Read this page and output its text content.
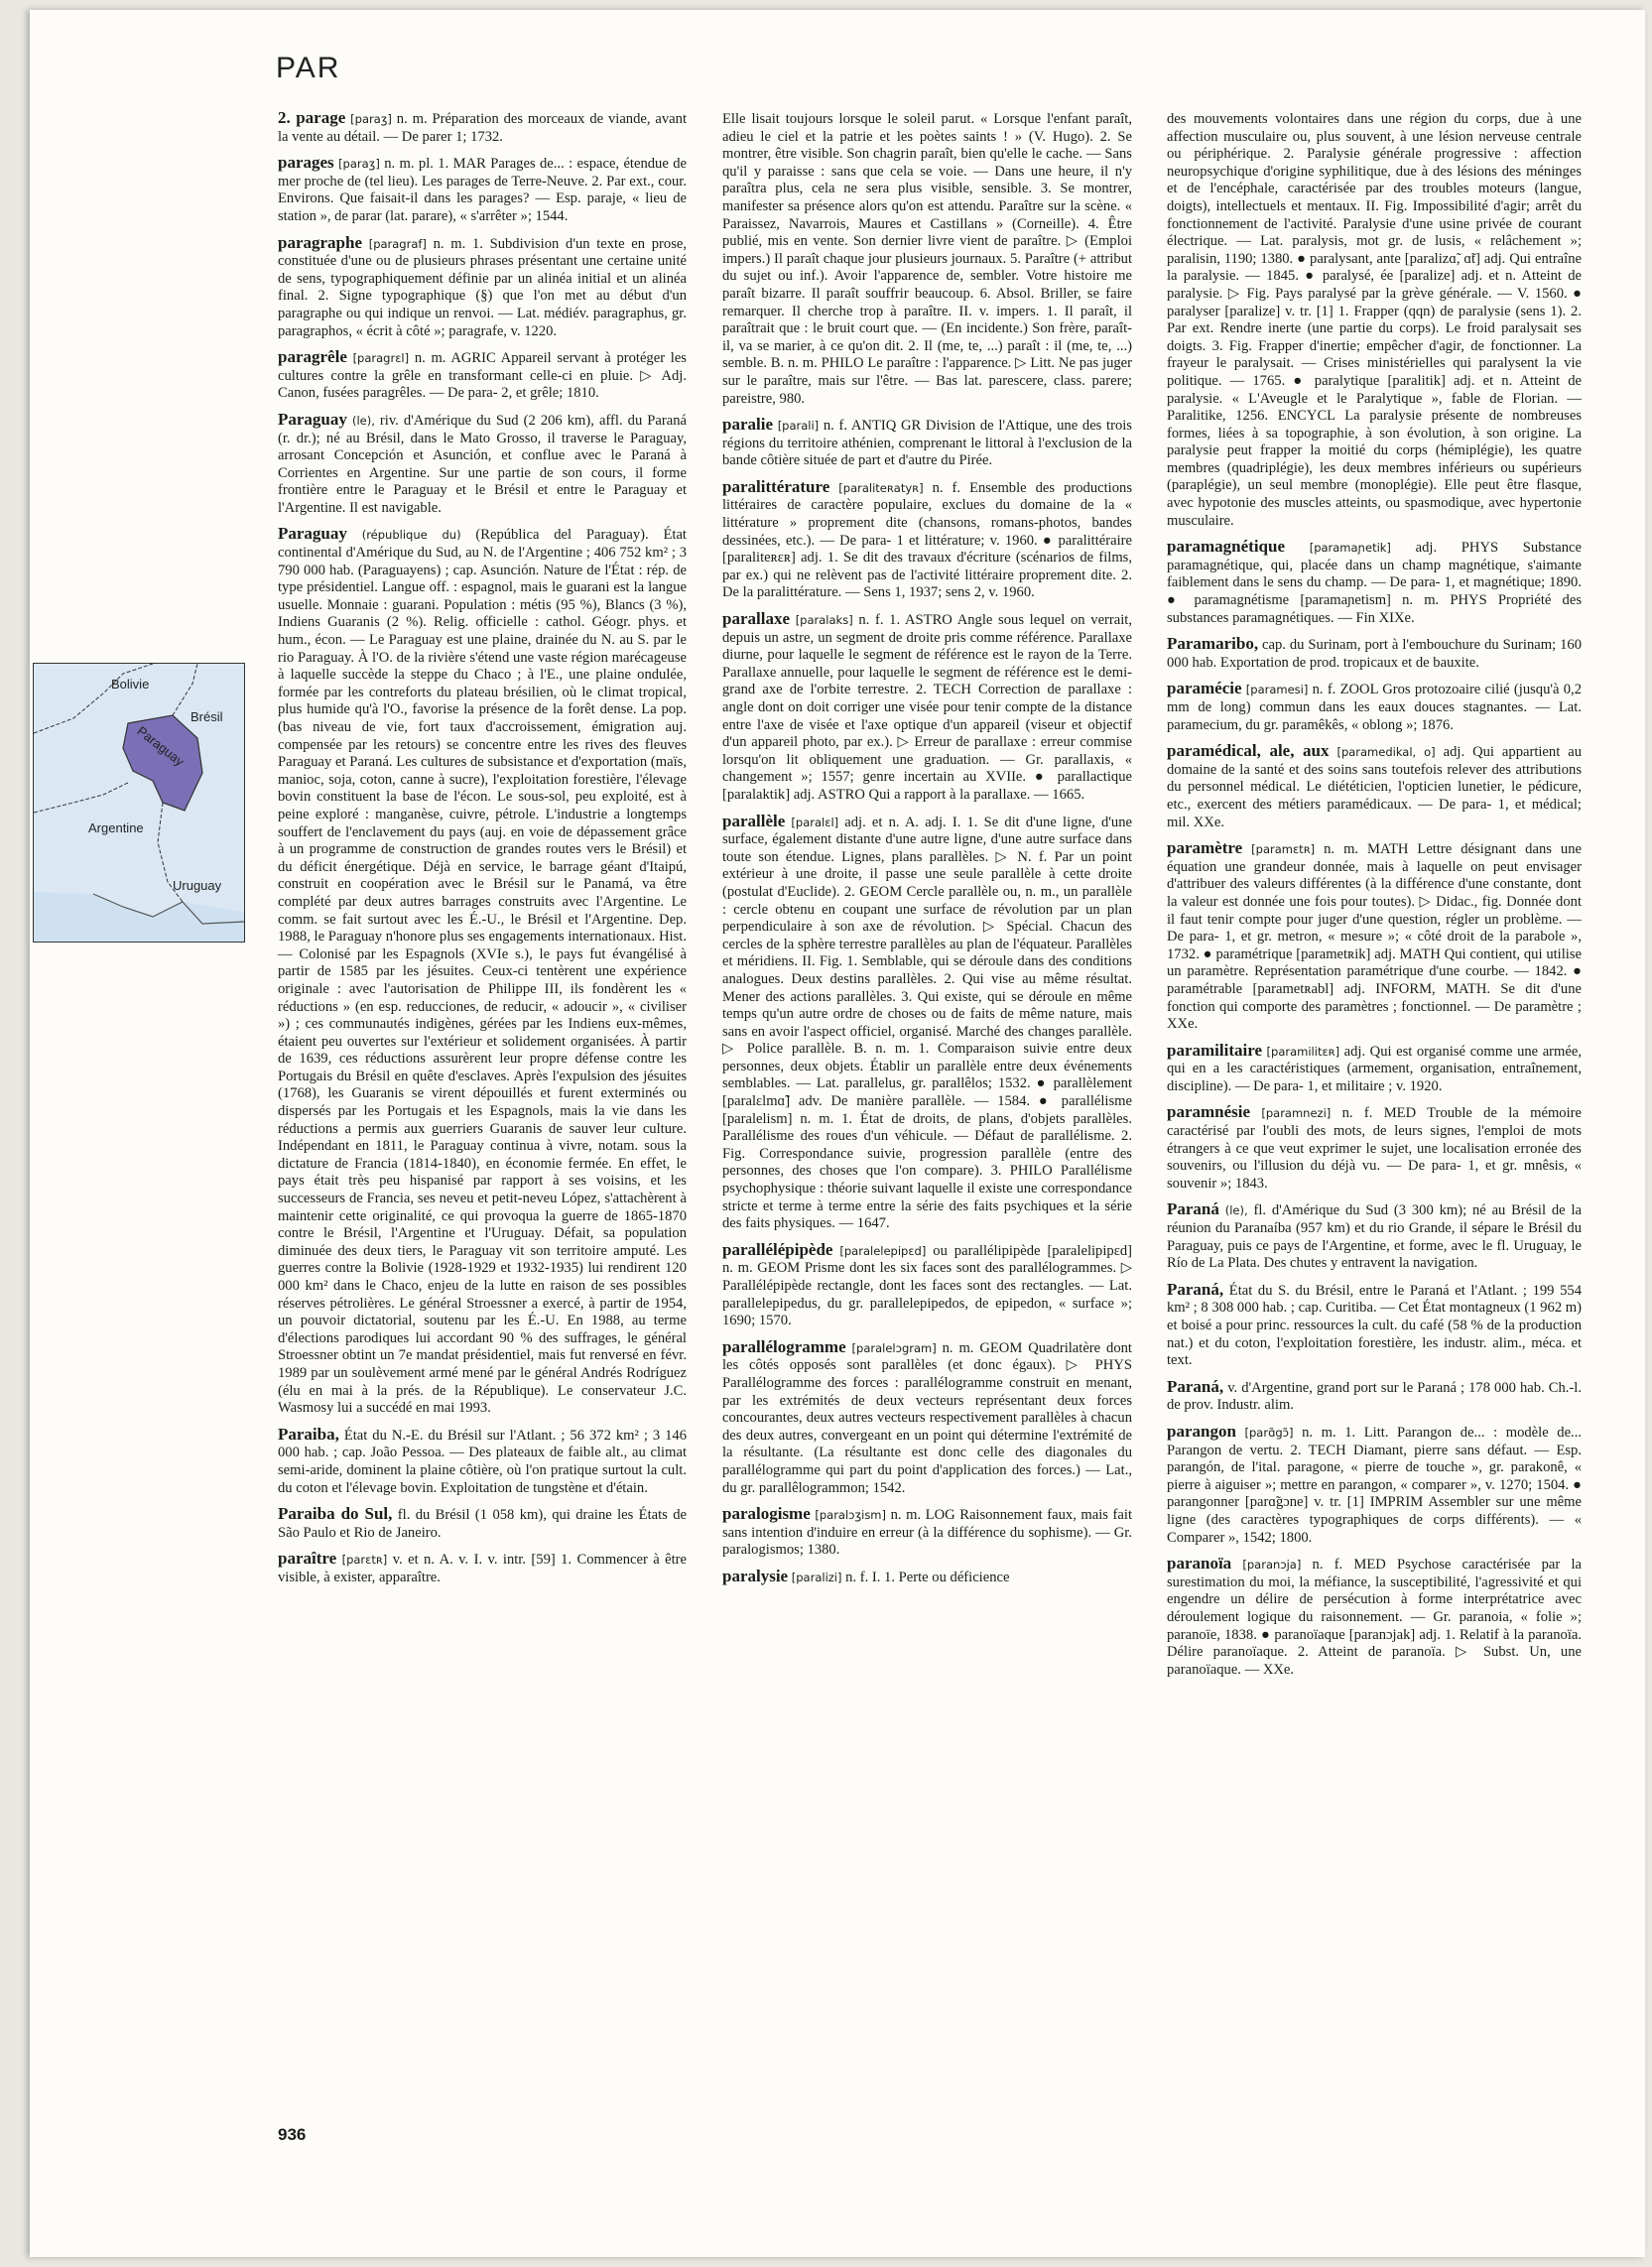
PAR
Bolivie
Brésil
Paraguay
Argentine
Uruguay

2. parage [paraʒ] n. m. Préparation des morceaux de viande, avant la vente au détail. — De parer 1; 1732.

parages [paraʒ] n. m. pl. 1. MAR Parages de... : espace, étendue de mer proche de (tel lieu). Les parages de Terre-Neuve. 2. Par ext., cour. Environs. Que faisait-il dans les parages? — Esp. paraje, « lieu de station », de parar (lat. parare), « s'arrêter »; 1544.

paragraphe [paragraf] n. m. 1. Subdivision d'un texte en prose, constituée d'une ou de plusieurs phrases présentant une certaine unité de sens, typographiquement définie par un alinéa initial et un alinéa final. 2. Signe typographique (§) que l'on met au début d'un paragraphe ou qui indique un renvoi. — Lat. médiév. paragraphus, gr. paragraphos, « écrit à côté »; paragrafe, v. 1220.

paragrêle [paragrɛl] n. m. AGRIC Appareil servant à protéger les cultures contre la grêle en transformant celle-ci en pluie. ▷ Adj. Canon, fusées paragrêles. — De para- 2, et grêle; 1810.

Paraguay (le), riv. d'Amérique du Sud (2 206 km), affl. du Paraná (r. dr.); né au Brésil, dans le Mato Grosso, il traverse le Paraguay, arrosant Concepción et Asunción, et conflue avec le Paraná à Corrientes en Argentine. Sur une partie de son cours, il forme frontière entre le Paraguay et le Brésil et entre le Paraguay et l'Argentine. Il est navigable.

Paraguay (république du) (República del Paraguay). État continental d'Amérique du Sud, au N. de l'Argentine ; 406 752 km² ; 3 790 000 hab. (Paraguayens) ; cap. Asunción. Nature de l'État : rép. de type présidentiel. Langue off. : espagnol, mais le guarani est la langue usuelle. Monnaie : guarani. Population : métis (95 %), Blancs (3 %), Indiens Guaranis (2 %). Relig. officielle : cathol. Géogr. phys. et hum., écon. — Le Paraguay est une plaine, drainée du N. au S. par le rio Paraguay. À l'O. de la rivière s'étend une vaste région marécageuse à laquelle succède la steppe du Chaco ; à l'E., une plaine ondulée, formée par les contreforts du plateau brésilien, où le climat tropical, plus humide qu'à l'O., favorise la présence de la forêt dense. La pop. (bas niveau de vie, fort taux d'accroissement, émigration auj. compensée par les retours) se concentre entre les rives des fleuves Paraguay et Paraná. Les cultures de subsistance et d'exportation (maïs, manioc, soja, coton, canne à sucre), l'exploitation forestière, l'élevage bovin constituent la base de l'écon. Le sous-sol, peu exploité, est à peine exploré : manganèse, cuivre, pétrole. L'industrie a longtemps souffert de l'enclavement du pays (auj. en voie de dépassement grâce à un programme de construction de grandes routes vers le Brésil) et du déficit énergétique. Déjà en service, le barrage géant d'Itaipú, construit en coopération avec le Brésil sur le Panamá, va être complété par deux autres barrages construits avec l'Argentine. Le comm. se fait surtout avec les É.-U., le Brésil et l'Argentine. Dep. 1988, le Paraguay n'honore plus ses engagements internationaux. Hist. — Colonisé par les Espagnols (XVIe s.), le pays fut évangélisé à partir de 1585 par les jésuites. Ceux-ci tentèrent une expérience originale : avec l'autorisation de Philippe III, ils fondèrent les « réductions » (en esp. reducciones, de reducir, « adoucir », « civiliser ») ; ces communautés indigènes, gérées par les Indiens eux-mêmes, étaient peu ouvertes sur l'extérieur et solidement organisées. À partir de 1639, ces réductions assurèrent leur propre défense contre les Portugais du Brésil en quête d'esclaves. Après l'expulsion des jésuites (1768), les Guaranis se virent dépouillés et furent exterminés ou dispersés par les Portugais et les Espagnols, mais la vie dans les réductions a permis aux guerriers Guaranis de sauver leur culture. Indépendant en 1811, le Paraguay continua à vivre, notam. sous la dictature de Francia (1814-1840), en économie fermée. En effet, le pays était très peu hispanisé par rapport à ses voisins, et les successeurs de Francia, ses neveu et petit-neveu López, s'attachèrent à maintenir cette originalité, ce qui provoqua la guerre de 1865-1870 contre le Brésil, l'Argentine et l'Uruguay. Défait, sa population diminuée des deux tiers, le Paraguay vit son territoire amputé. Les guerres contre la Bolivie (1928-1929 et 1932-1935) lui rendirent 120 000 km² dans le Chaco, enjeu de la lutte en raison de ses possibles réserves pétrolières. Le général Stroessner a exercé, à partir de 1954, un pouvoir dictatorial, soutenu par les É.-U. En 1988, au terme d'élections parodiques lui accordant 90 % des suffrages, le général Stroessner obtint un 7e mandat présidentiel, mais fut renversé en févr. 1989 par un soulèvement armé mené par le général Andrés Rodríguez (élu en mai à la prés. de la République). Le conservateur J.C. Wasmosy lui a succédé en mai 1993.

Paraiba, État du N.-E. du Brésil sur l'Atlant. ; 56 372 km² ; 3 146 000 hab. ; cap. João Pessoa. — Des plateaux de faible alt., au climat semi-aride, dominent la plaine côtière, où l'on pratique surtout la cult. du coton et l'élevage bovin. Exploitation de tungstène et d'étain.

Paraiba do Sul, fl. du Brésil (1 058 km), qui draine les États de São Paulo et Rio de Janeiro.

paraître [parɛtʀ] v. et n. A. v. I. v. intr. [59] 1. Commencer à être visible, à exister, apparaître.

Elle lisait toujours lorsque le soleil parut. « Lorsque l'enfant paraît, adieu le ciel et la patrie et les poètes saints ! » (V. Hugo). 2. Se montrer, être visible. Son chagrin paraît, bien qu'elle le cache. — Sans qu'il y paraisse : sans que cela se voie. — Dans une heure, il n'y paraîtra plus, cela ne sera plus visible, sensible. 3. Se montrer, manifester sa présence alors qu'on est attendu. Paraître sur la scène. « Paraissez, Navarrois, Maures et Castillans » (Corneille). 4. Être publié, mis en vente. Son dernier livre vient de paraître. ▷ (Emploi impers.) Il paraît chaque jour plusieurs journaux. 5. Paraître (+ attribut du sujet ou inf.). Avoir l'apparence de, sembler. Votre histoire me paraît bizarre. Il paraît souffrir beaucoup. 6. Absol. Briller, se faire remarquer. Il cherche trop à paraître. II. v. impers. 1. Il paraît, il paraîtrait que : le bruit court que. — (En incidente.) Son frère, paraît-il, va se marier, à ce qu'on dit. 2. Il (me, te, ...) paraît : il (me, te, ...) semble. B. n. m. PHILO Le paraître : l'apparence. ▷ Litt. Ne pas juger sur le paraître, mais sur l'être. — Bas lat. parescere, class. parere; pareistre, 980.

paralie [parali] n. f. ANTIQ GR Division de l'Attique, une des trois régions du territoire athénien, comprenant le littoral à l'exclusion de la bande côtière située de part et d'autre du Pirée.

paralittérature [paraliteʀatyʀ] n. f. Ensemble des productions littéraires de caractère populaire, exclues du domaine de la « littérature » proprement dite (chansons, romans-photos, bandes dessinées, etc.). — De para- 1 et littérature; v. 1960. ● paralittéraire [paraliteʀɛʀ] adj. 1. Se dit des travaux d'écriture (scénarios de films, par ex.) qui ne relèvent pas de l'activité littéraire proprement dite. 2. De la paralittérature. — Sens 1, 1937; sens 2, v. 1960.

parallaxe [paralaks] n. f. 1. ASTRO Angle sous lequel on verrait, depuis un astre, un segment de droite pris comme référence. Parallaxe diurne, pour laquelle le segment de référence est le rayon de la Terre. Parallaxe annuelle, pour laquelle le segment de référence est le demi-grand axe de l'orbite terrestre. 2. TECH Correction de parallaxe : angle dont on doit corriger une visée pour tenir compte de la distance entre l'axe de visée et l'axe optique d'un appareil (viseur et objectif d'un appareil photo, par ex.). ▷ Erreur de parallaxe : erreur commise lorsqu'on lit obliquement une graduation. — Gr. parallaxis, « changement »; 1557; genre incertain au XVIIe. ● parallactique [paralaktik] adj. ASTRO Qui a rapport à la parallaxe. — 1665.

parallèle [paralɛl] adj. et n. A. adj. I. 1. Se dit d'une ligne, d'une surface, également distante d'une autre ligne, d'une autre surface dans toute son étendue. Lignes, plans parallèles. ▷ N. f. Par un point extérieur à une droite, il passe une seule parallèle à cette droite (postulat d'Euclide). 2. GEOM Cercle parallèle ou, n. m., un parallèle : cercle obtenu en coupant une surface de révolution par un plan perpendiculaire à son axe de révolution. ▷ Spécial. Chacun des cercles de la sphère terrestre parallèles au plan de l'équateur. Parallèles et méridiens. II. Fig. 1. Semblable, qui se déroule dans des conditions analogues. Deux destins parallèles. 2. Qui vise au même résultat. Mener des actions parallèles. 3. Qui existe, qui se déroule en même temps qu'un autre ordre de choses ou de faits de même nature, mais sans en avoir l'aspect officiel, organisé. Marché des changes parallèle. ▷ Police parallèle. B. n. m. 1. Comparaison suivie entre deux personnes, deux objets. Établir un parallèle entre deux événements semblables. — Lat. parallelus, gr. parallêlos; 1532. ● parallèlement [paralɛlmɑ̃] adv. De manière parallèle. — 1584. ● parallélisme [paralelism] n. m. 1. État de droits, de plans, d'objets parallèles. Parallélisme des roues d'un véhicule. — Défaut de parallélisme. 2. Fig. Correspondance suivie, progression parallèle (entre des personnes, des choses que l'on compare). 3. PHILO Parallélisme psychophysique : théorie suivant laquelle il existe une correspondance stricte et terme à terme entre la série des faits psychiques et la série des faits physiques. — 1647.

parallélépipède [paralelepipɛd] ou parallélipipède [paralelipipɛd] n. m. GEOM Prisme dont les six faces sont des parallélogrammes. ▷ Parallélépipède rectangle, dont les faces sont des rectangles. — Lat. parallelepipedus, du gr. parallelepipedos, de epipedon, « surface »; 1690; 1570.

parallélogramme [paralelɔgram] n. m. GEOM Quadrilatère dont les côtés opposés sont parallèles (et donc égaux). ▷ PHYS Parallélogramme des forces : parallélogramme construit en menant, par les extrémités de deux vecteurs représentant deux forces concourantes, deux autres vecteurs respectivement parallèles à chacun des deux autres, convergeant en un point qui détermine l'extrémité de la résultante. (La résultante est donc celle des diagonales du parallélogramme qui part du point d'application des forces.) — Lat., du gr. parallêlogrammon; 1542.

paralogisme [paralɔʒism] n. m. LOG Raisonnement faux, mais fait sans intention d'induire en erreur (à la différence du sophisme). — Gr. paralogismos; 1380.

paralysie [paralizi] n. f. I. 1. Perte ou déficience

des mouvements volontaires dans une région du corps, due à une affection musculaire ou, plus souvent, à une lésion nerveuse centrale ou périphérique. 2. Paralysie générale progressive : affection neuropsychique d'origine syphilitique, due à des lésions des méninges et de l'encéphale, caractérisée par des troubles moteurs (langue, doigts), intellectuels et mentaux. II. Fig. Impossibilité d'agir; arrêt du fonctionnement de l'activité. Paralysie d'une usine privée de courant électrique. — Lat. paralysis, mot gr. de lusis, « relâchement »; paralisin, 1190; 1380. ● paralysant, ante [paralizɑ̃, ɑ̃t] adj. Qui entraîne la paralysie. — 1845. ● paralysé, ée [paralize] adj. et n. Atteint de paralysie. ▷ Fig. Pays paralysé par la grève générale. — V. 1560. ● paralyser [paralize] v. tr. [1] 1. Frapper (qqn) de paralysie (sens 1). 2. Par ext. Rendre inerte (une partie du corps). Le froid paralysait ses doigts. 3. Fig. Frapper d'inertie; empêcher d'agir, de fonctionner. La frayeur le paralysait. — Crises ministérielles qui paralysent la vie politique. — 1765. ● paralytique [paralitik] adj. et n. Atteint de paralysie. « L'Aveugle et le Paralytique », fable de Florian. — Paralitike, 1256. ENCYCL La paralysie présente de nombreuses formes, liées à sa topographie, à son évolution, à son origine. La paralysie peut frapper la moitié du corps (hémiplégie), les quatre membres (quadriplégie), les deux membres inférieurs ou supérieurs (paraplégie), un seul membre (monoplégie). Elle peut être flasque, avec hypotonie des muscles atteints, ou spasmodique, avec hypertonie musculaire.

paramagnétique [paramaɲetik] adj. PHYS Substance paramagnétique, qui, placée dans un champ magnétique, s'aimante faiblement dans le sens du champ. — De para- 1, et magnétique; 1890. ● paramagnétisme [paramaɲetism] n. m. PHYS Propriété des substances paramagnétiques. — Fin XIXe.

Paramaribo, cap. du Surinam, port à l'embouchure du Surinam; 160 000 hab. Exportation de prod. tropicaux et de bauxite.

paramécie [paramesi] n. f. ZOOL Gros protozoaire cilié (jusqu'à 0,2 mm de long) commun dans les eaux douces stagnantes. — Lat. paramecium, du gr. paramêkês, « oblong »; 1876.

paramédical, ale, aux [paramedikal, o] adj. Qui appartient au domaine de la santé et des soins sans toutefois relever des attributions du personnel médical. Le diététicien, l'opticien lunetier, le pédicure, etc., exercent des métiers paramédicaux. — De para- 1, et médical; mil. XXe.

paramètre [paramɛtʀ] n. m. MATH Lettre désignant dans une équation une grandeur donnée, mais à laquelle on peut envisager d'attribuer des valeurs différentes (à la différence d'une constante, dont la valeur est donnée une fois pour toutes). ▷ Didac., fig. Donnée dont il faut tenir compte pour juger d'une question, régler un problème. — De para- 1, et gr. metron, « mesure »; « côté droit de la parabole », 1732. ● paramétrique [parametʀik] adj. MATH Qui contient, qui utilise un paramètre. Représentation paramétrique d'une courbe. — 1842. ● paramétrable [parametʀabl] adj. INFORM, MATH. Se dit d'une fonction qui comporte des paramètres ; fonctionnel. — De paramètre ; XXe.

paramilitaire [paramilitɛʀ] adj. Qui est organisé comme une armée, qui en a les caractéristiques (armement, organisation, entraînement, discipline). — De para- 1, et militaire ; v. 1920.

paramnésie [paramnezi] n. f. MED Trouble de la mémoire caractérisé par l'oubli des mots, de leurs signes, l'emploi de mots étrangers à ce que veut exprimer le sujet, une localisation erronée des souvenirs, ou l'illusion du déjà vu. — De para- 1, et gr. mnêsis, « souvenir »; 1843.

Paraná (le), fl. d'Amérique du Sud (3 300 km); né au Brésil de la réunion du Paranaíba (957 km) et du rio Grande, il sépare le Brésil du Paraguay, puis ce pays de l'Argentine, et forme, avec le fl. Uruguay, le Río de La Plata. Des chutes y entravent la navigation.

Paraná, État du S. du Brésil, entre le Paraná et l'Atlant. ; 199 554 km² ; 8 308 000 hab. ; cap. Curitiba. — Cet État montagneux (1 962 m) et boisé a pour princ. ressources la cult. du café (58 % de la production nat.) et du coton, l'exploitation forestière, les industr. alim., méca. et text.

Paraná, v. d'Argentine, grand port sur le Paraná ; 178 000 hab. Ch.-l. de prov. Industr. alim.

parangon [parɑ̃gɔ̃] n. m. 1. Litt. Parangon de... : modèle de... Parangon de vertu. 2. TECH Diamant, pierre sans défaut. — Esp. parangón, de l'ital. paragone, « pierre de touche », gr. parakonê, « pierre à aiguiser »; mettre en parangon, « comparer », v. 1270; 1504. ● parangonner [parɑ̃gɔne] v. tr. [1] IMPRIM Assembler sur une même ligne (des caractères typographiques de corps différents). — « Comparer », 1542; 1800.

paranoïa [paranɔja] n. f. MED Psychose caractérisée par la surestimation du moi, la méfiance, la susceptibilité, l'agressivité et qui engendre un délire de persécution à forme interprétatrice avec déroulement logique du raisonnement. — Gr. paranoia, « folie »; paranoïe, 1838. ● paranoïaque [paranɔjak] adj. 1. Relatif à la paranoïa. Délire paranoïaque. 2. Atteint de paranoïa. ▷ Subst. Un, une paranoïaque. — XXe.

936
